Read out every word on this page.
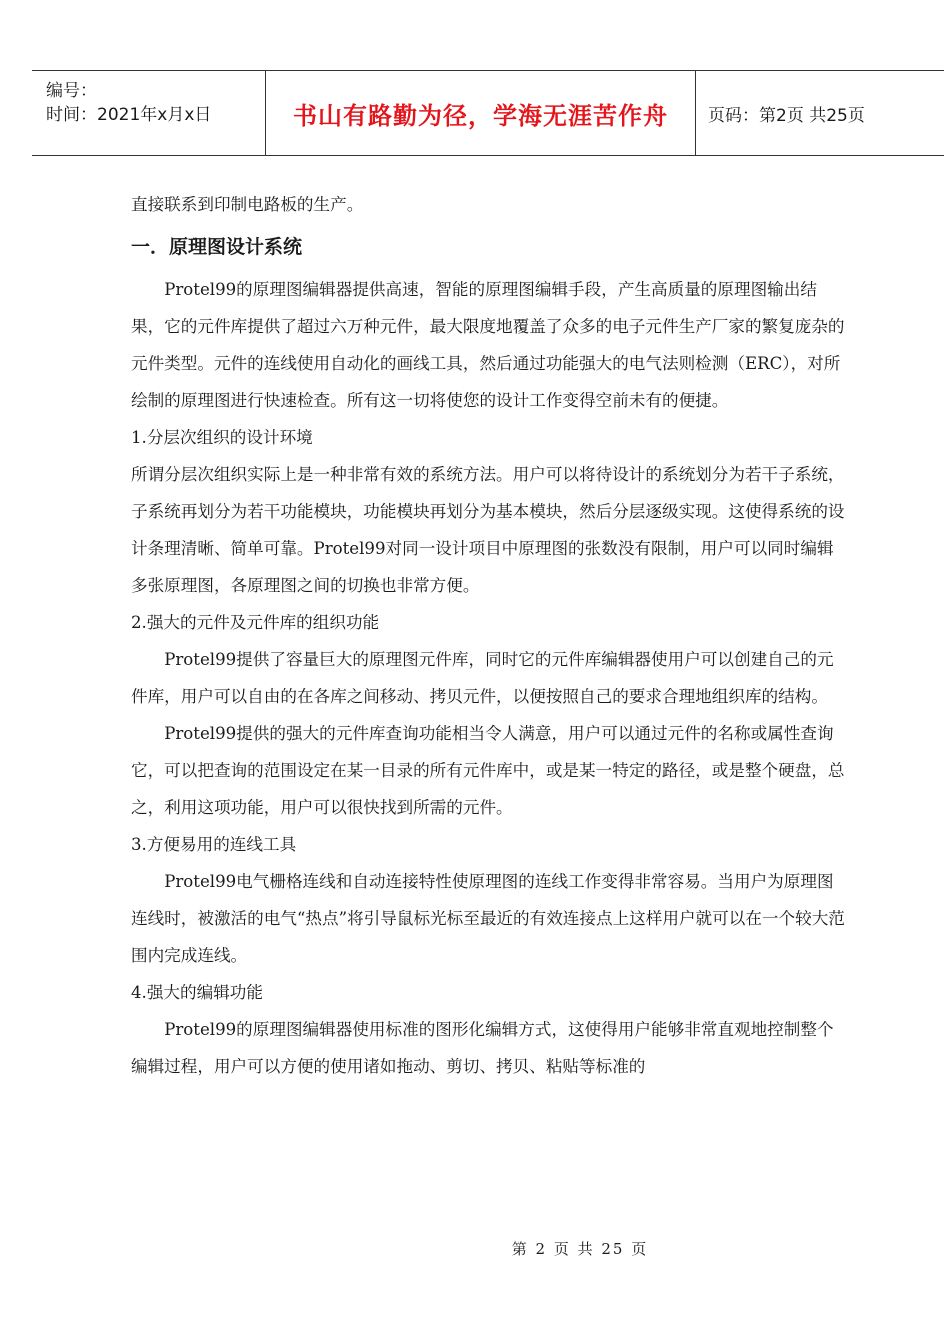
编号：
时间：2021年x月x日	书山有路勤为径，学海无涯苦作舟 页码：第2页 共25页

直接联系到印制电路板的生产。

一．原理图设计系统

Protel99的原理图编辑器提供高速，智能的原理图编辑手段，产生高质量的原理图输出结果，它的元件库提供了超过六万种元件，最大限度地覆盖了众多的电子元件生产厂家的繁复庞杂的元件类型。元件的连线使用自动化的画线工具，然后通过功能强大的电气法则检测（ERC），对所绘制的原理图进行快速检查。所有这一切将使您的设计工作变得空前未有的便捷。

1.分层次组织的设计环境

所谓分层次组织实际上是一种非常有效的系统方法。用户可以将待设计的系统划分为若干子系统，子系统再划分为若干功能模块，功能模块再划分为基本模块，然后分层逐级实现。这使得系统的设计条理清晰、简单可靠。Protel99对同一设计项目中原理图的张数没有限制，用户可以同时编辑多张原理图，各原理图之间的切换也非常方便。

2.强大的元件及元件库的组织功能

Protel99提供了容量巨大的原理图元件库，同时它的元件库编辑器使用户可以创建自己的元件库，用户可以自由的在各库之间移动、拷贝元件，以便按照自己的要求合理地组织库的结构。

Protel99提供的强大的元件库查询功能相当令人满意，用户可以通过元件的名称或属性查询它，可以把查询的范围设定在某一目录的所有元件库中，或是某一特定的路径，或是整个硬盘，总之，利用这项功能，用户可以很快找到所需的元件。

3.方便易用的连线工具

Protel99电气栅格连线和自动连接特性使原理图的连线工作变得非常容易。当用户为原理图连线时，被激活的电气“热点”将引导鼠标光标至最近的有效连接点上这样用户就可以在一个较大范围内完成连线。

4.强大的编辑功能

Protel99的原理图编辑器使用标准的图形化编辑方式，这使得用户能够非常直观地控制整个编辑过程，用户可以方便的使用诸如拖动、剪切、拷贝、粘贴等标准的

第 2 页 共 25 页
